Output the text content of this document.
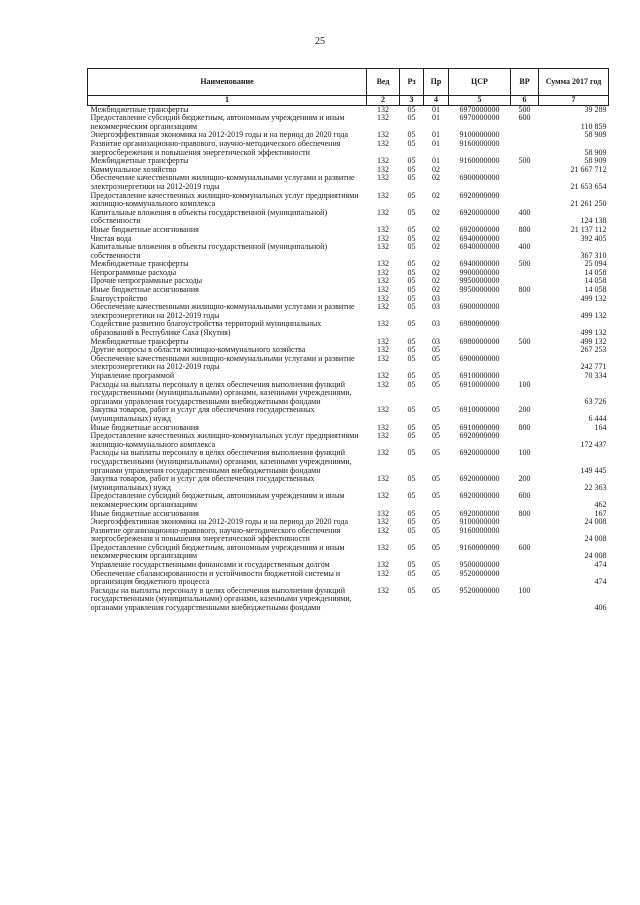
25
Наименование	Вед	Рз	Пр	ЦСР	ВР	Сумма 2017 год
1	2	3	4	5	6	7
Межбюджетные трансферты	132	05	01	6970000000	500	39 289
Предоставление субсидий бюджетным, автономным учреждениям и иным некоммерческим организациям	132	05	01	6970000000	600	110 859
Энергоэффективная экономика на 2012-2019 годы и на период до 2020 года	132	05	01	9100000000		58 909
Развитие организационно-правового, научно-методического обеспечения энергосбережения и повышения энергетической эффективности	132	05	01	9160000000		58 909
Межбюджетные трансферты	132	05	01	9160000000	500	58 909
Коммунальное хозяйство	132	05	02			21 667 712
Обеспечение качественными жилищно-коммунальными услугами и развитие электроэнергетики на 2012-2019 годы	132	05	02	6900000000		21 653 654
Предоставление качественных жилищно-коммунальных услуг предприятиями жилищно-коммунального комплекса	132	05	02	6920000000		21 261 250
Капитальные вложения в объекты государственной (муниципальной) собственности	132	05	02	6920000000	400	124 138
Иные бюджетные ассигнования	132	05	02	6920000000	800	21 137 112
Чистая вода	132	05	02	6940000000		392 405
Капитальные вложения в объекты государственной (муниципальной) собственности	132	05	02	6940000000	400	367 310
Межбюджетные трансферты	132	05	02	6940000000	500	25 094
Непрограммные расходы	132	05	02	9900000000		14 058
Прочие непрограммные расходы	132	05	02	9950000000		14 058
Иные бюджетные ассигнования	132	05	02	9950000000	800	14 058
Благоустройство	132	05	03			499 132
Обеспечение качественными жилищно-коммунальными услугами и развитие электроэнергетики на 2012-2019 годы	132	05	03	6900000000		499 132
Содействие развитию благоустройства территорий муниципальных образований в Республике Саха (Якутия)	132	05	03	6980000000		499 132
Межбюджетные трансферты	132	05	03	6980000000	500	499 132
Другие вопросы в области жилищно-коммунального хозяйства	132	05	05			267 253
Обеспечение качественными жилищно-коммунальными услугами и развитие электроэнергетики на 2012-2019 годы	132	05	05	6900000000		242 771
Управление программой	132	05	05	6910000000		70 334
Расходы на выплаты персоналу в целях обеспечения выполнения функций государственными (муниципальными) органами, казенными учреждениями, органами управления государственными внебюджетными фондами	132	05	05	6910000000	100	63 726
Закупка товаров, работ и услуг для обеспечения государственных (муниципальных) нужд	132	05	05	6910000000	200	6 444
Иные бюджетные ассигнования	132	05	05	6910000000	800	164
Предоставление качественных жилищно-коммунальных услуг предприятиями жилищно-коммунального комплекса	132	05	05	6920000000		172 437
Расходы на выплаты персоналу в целях обеспечения выполнения функций государственными (муниципальными) органами, казенными учреждениями, органами управления государственными внебюджетными фондами	132	05	05	6920000000	100	149 445
Закупка товаров, работ и услуг для обеспечения государственных (муниципальных) нужд	132	05	05	6920000000	200	22 363
Предоставление субсидий бюджетным, автономным учреждениям и иным некоммерческим организациям	132	05	05	6920000000	600	462
Иные бюджетные ассигнования	132	05	05	6920000000	800	167
Энергоэффективная экономика на 2012-2019 годы и на период до 2020 года	132	05	05	9100000000		24 008
Развитие организационно-правового, научно-методического обеспечения энергосбережения и повышения энергетической эффективности	132	05	05	9160000000		24 008
Предоставление субсидий бюджетным, автономным учреждениям и иным некоммерческим организациям	132	05	05	9160000000	600	24 008
Управление государственными финансами и государственным долгом	132	05	05	9500000000		474
Обеспечение сбалансированности и устойчивости бюджетной системы и организация бюджетного процесса	132	05	05	9520000000		474
Расходы на выплаты персоналу в целях обеспечения выполнения функций государственными (муниципальными) органами, казенными учреждениями, органами управления государственными внебюджетными фондами	132	05	05	9520000000	100	406
